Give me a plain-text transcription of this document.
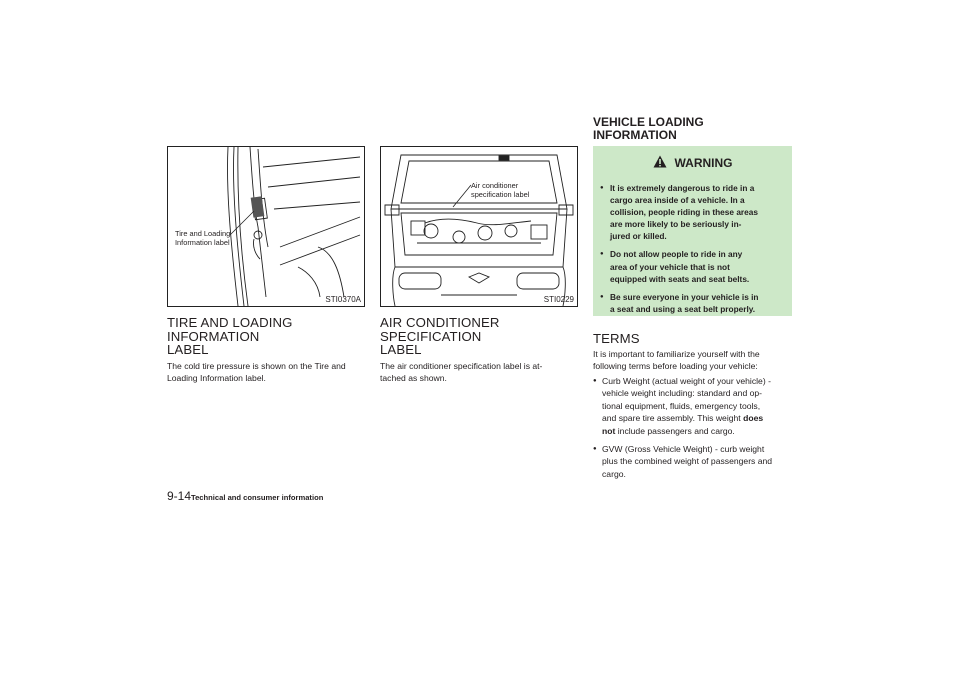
Tire and Loading
Information label
STI0370A
Air conditioner
specification label
STI0229
TIRE AND LOADING INFORMATION
LABEL

The cold tire pressure is shown on the Tire and
Loading Information label.

AIR CONDITIONER SPECIFICATION
LABEL

The air conditioner specification label is at-
tached as shown.

VEHICLE LOADING
INFORMATION
WARNING
● It is extremely dangerous to ride in a
cargo area inside of a vehicle. In a
collision, people riding in these areas
are more likely to be seriously in-
jured or killed.
● Do not allow people to ride in any
area of your vehicle that is not
equipped with seats and seat belts.
● Be sure everyone in your vehicle is in
a seat and using a seat belt properly.
TERMS

It is important to familiarize yourself with the
following terms before loading your vehicle:

● Curb Weight (actual weight of your vehicle) -
vehicle weight including: standard and op-
tional equipment, fluids, emergency tools,
and spare tire assembly. This weight does
not include passengers and cargo.
● GVW (Gross Vehicle Weight) - curb weight
plus the combined weight of passengers and
cargo.
9-14 Technical and consumer information
